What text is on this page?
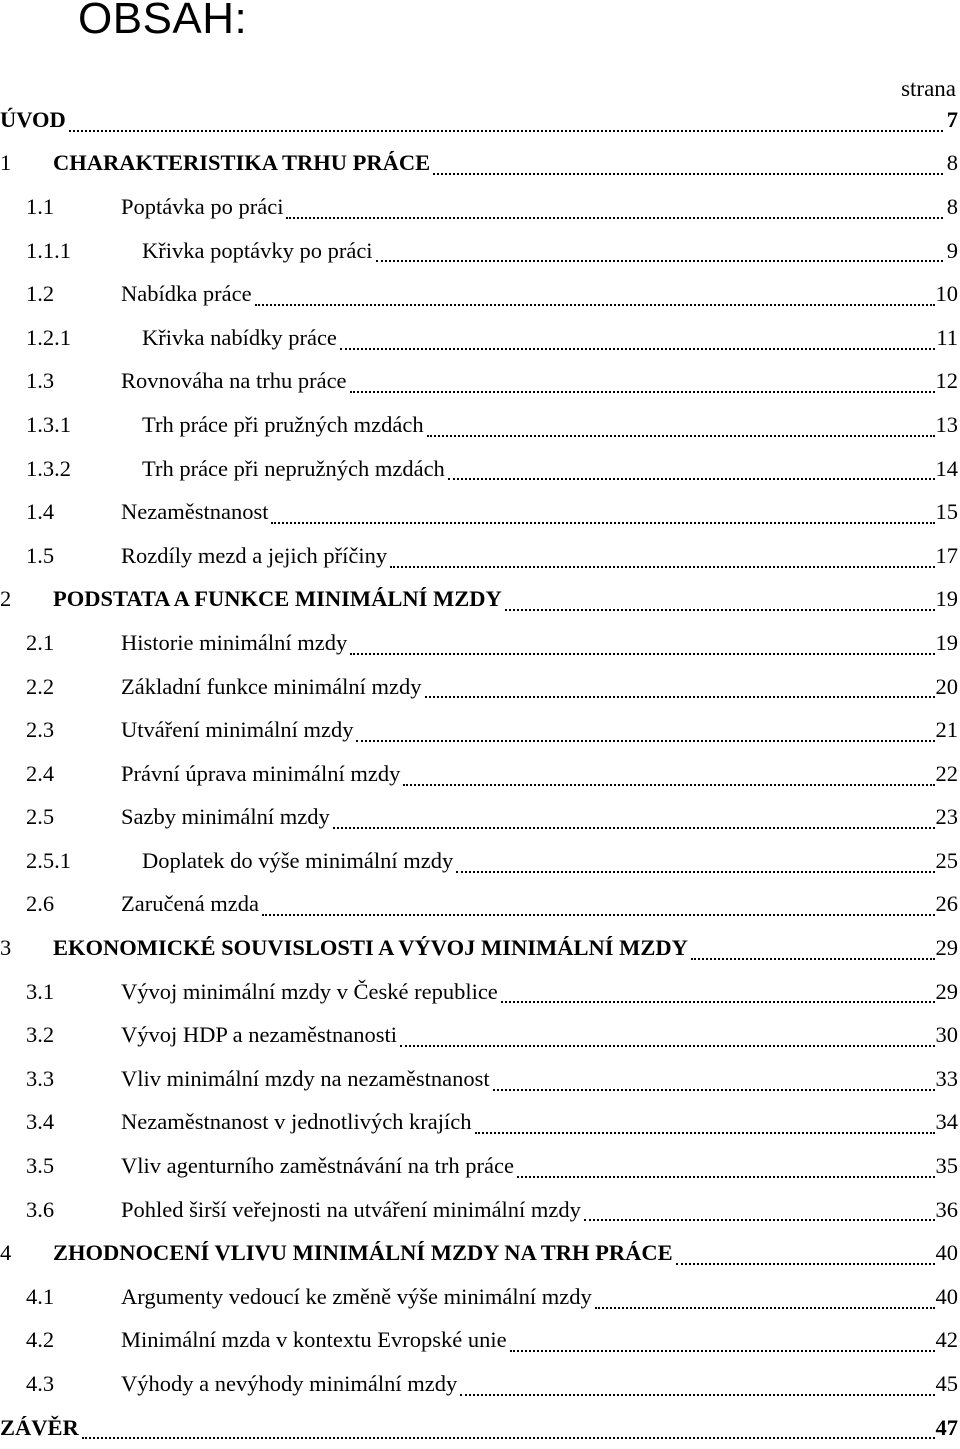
OBSAH:
strana
ÚVOD	7
1	CHARAKTERISTIKA TRHU PRÁCE	8
1.1	Poptávka po práci	8
1.1.1	Křivka poptávky po práci	9
1.2	Nabídka práce	10
1.2.1	Křivka nabídky práce	11
1.3	Rovnováha na trhu práce	12
1.3.1	Trh práce při pružných mzdách	13
1.3.2	Trh práce při nepružných mzdách	14
1.4	Nezaměstnanost	15
1.5	Rozdíly mezd a jejich příčiny	17
2	PODSTATA A FUNKCE MINIMÁLNÍ MZDY	19
2.1	Historie minimální mzdy	19
2.2	Základní funkce minimální mzdy	20
2.3	Utváření minimální mzdy	21
2.4	Právní úprava minimální mzdy	22
2.5	Sazby minimální mzdy	23
2.5.1	Doplatek do výše minimální mzdy	25
2.6	Zaručená mzda	26
3	EKONOMICKÉ SOUVISLOSTI A VÝVOJ MINIMÁLNÍ MZDY	29
3.1	Vývoj minimální mzdy v České republice	29
3.2	Vývoj HDP a nezaměstnanosti	30
3.3	Vliv minimální mzdy na nezaměstnanost	33
3.4	Nezaměstnanost v jednotlivých krajích	34
3.5	Vliv agenturního zaměstnávání na trh práce	35
3.6	Pohled širší veřejnosti na utváření minimální mzdy	36
4	ZHODNOCENÍ VLIVU MINIMÁLNÍ MZDY NA TRH PRÁCE	40
4.1	Argumenty vedoucí ke změně výše minimální mzdy	40
4.2	Minimální mzda v kontextu Evropské unie	42
4.3	Výhody a nevýhody minimální mzdy	45
ZÁVĚR	47
